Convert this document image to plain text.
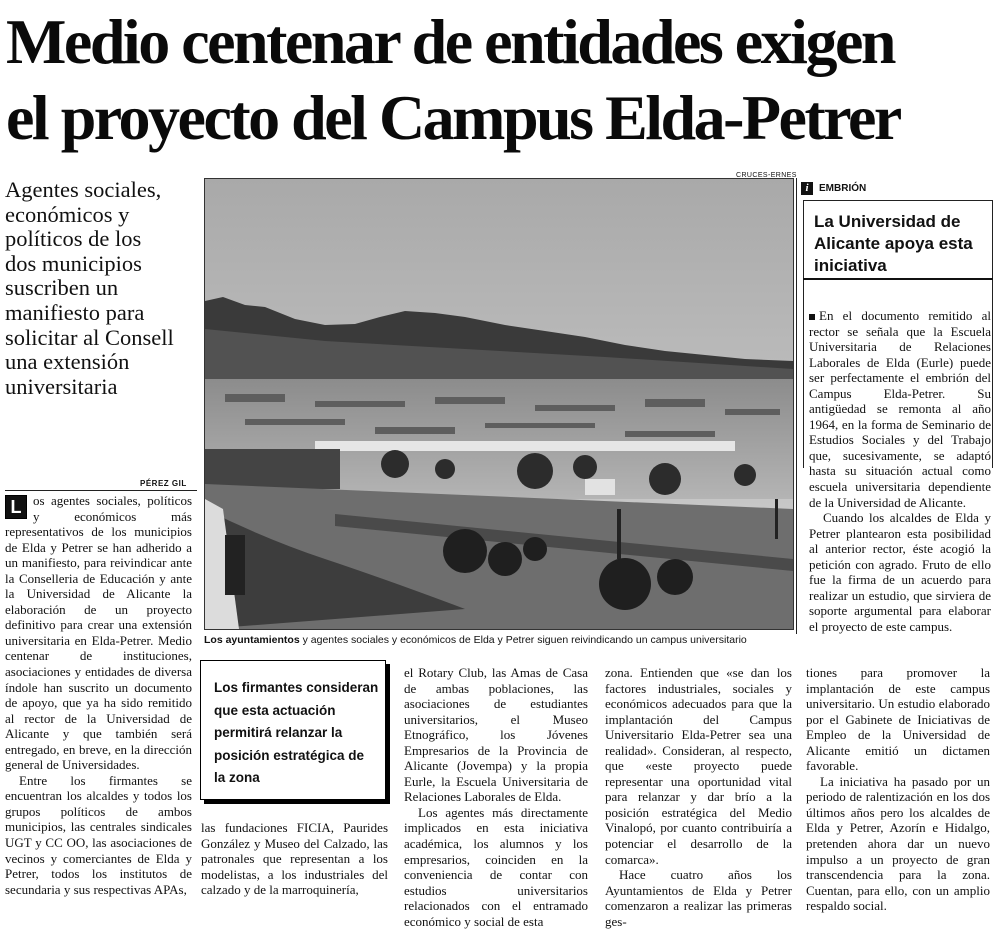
Medio centenar de entidades exigen
el proyecto del Campus Elda-Petrer
Agentes sociales,
económicos y
políticos de los
dos municipios
suscriben un
manifiesto para
solicitar al Consell
una extensión
universitaria
PÉREZ GIL

L os agentes sociales, políticos y económicos más representativos de los municipios de Elda y Petrer se han adherido a un manifiesto, para reivindicar ante la Conselleria de Educación y ante la Universidad de Alicante la elaboración de un proyecto definitivo para crear una extensión universitaria en Elda-Petrer. Medio centenar de instituciones, asociaciones y entidades de diversa índole han suscrito un documento de apoyo, que ya ha sido remitido al rector de la Universidad de Alicante y que también será entregado, en breve, en la dirección general de Universidades.

Entre los firmantes se encuentran los alcaldes y todos los grupos políticos de ambos municipios, las centrales sindicales UGT y CC OO, las asociaciones de vecinos y comerciantes de Elda y Petrer, todos los institutos de secundaria y sus respectivas APAs,

CRUCES-ERNES
Los ayuntamientos y agentes sociales y económicos de Elda y Petrer siguen reivindicando un campus universitario
Los firmantes consideran que esta actuación permitirá relanzar la posición estratégica de la zona

las fundaciones FICIA, Paurides González y Museo del Calzado, las patronales que representan a los modelistas, a los industriales del calzado y de la marroquinería,

el Rotary Club, las Amas de Casa de ambas poblaciones, las asociaciones de estudiantes universitarios, el Museo Etnográfico, los Jóvenes Empresarios de la Provincia de Alicante (Jovempa) y la propia Eurle, la Escuela Universitaria de Relaciones Laborales de Elda.

Los agentes más directamente implicados en esta iniciativa académica, los alumnos y los empresarios, coinciden en la conveniencia de contar con estudios universitarios relacionados con el entramado económico y social de esta

zona. Entienden que «se dan los factores industriales, sociales y económicos adecuados para que la implantación del Campus Universitario Elda-Petrer sea una realidad». Consideran, al respecto, que «este proyecto puede representar una oportunidad vital para relanzar y dar brío a la posición estratégica del Medio Vinalopó, por cuanto contribuiría a potenciar el desarrollo de la comarca».

Hace cuatro años los Ayuntamientos de Elda y Petrer comenzaron a realizar las primeras ges-

tiones para promover la implantación de este campus universitario. Un estudio elaborado por el Gabinete de Iniciativas de Empleo de la Universidad de Alicante emitió un dictamen favorable.

La iniciativa ha pasado por un periodo de ralentización en los dos últimos años pero los alcaldes de Elda y Petrer, Azorín e Hidalgo, pretenden ahora dar un nuevo impulso a un proyecto de gran transcendencia para la zona. Cuentan, para ello, con un amplio respaldo social.

i EMBRIÓN
La Universidad de Alicante apoya esta iniciativa

En el documento remitido al rector se señala que la Escuela Universitaria de Relaciones Laborales de Elda (Eurle) puede ser perfectamente el embrión del Campus Elda-Petrer. Su antigüedad se remonta al año 1964, en la forma de Seminario de Estudios Sociales y del Trabajo que, sucesivamente, se adaptó hasta su situación actual como escuela universitaria dependiente de la Universidad de Alicante.

Cuando los alcaldes de Elda y Petrer plantearon esta posibilidad al anterior rector, éste acogió la petición con agrado. Fruto de ello fue la firma de un acuerdo para realizar un estudio, que sirviera de soporte argumental para elaborar el proyecto de este campus.
